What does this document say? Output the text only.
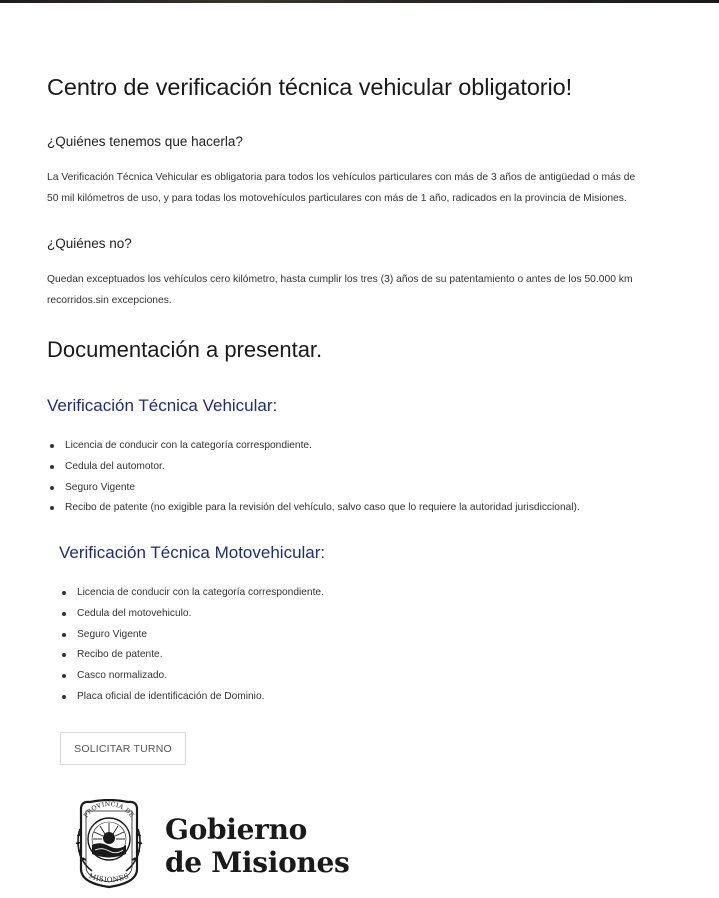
Centro de verificación técnica vehicular obligatorio!
¿Quiénes tenemos que hacerla?

La Verificación Técnica Vehicular es obligatoria para todos los vehículos particulares con más de 3 años de antigüedad o más de
50 mil kilómetros de uso, y para todas los motovehículos particulares con más de 1 año, radicados en la provincia de Misiones.

¿Quiénes no?

Quedan exceptuados los vehículos cero kilómetro, hasta cumplir los tres (3) años de su patentamiento o antes de los 50.000 km
recorridos.sin excepciones.

Documentación a presentar.
Verificación Técnica Vehicular:
Licencia de conducir con la categoría correspondiente.
Cedula del automotor.
Seguro Vigente
Recibo de patente (no exigible para la revisión del vehículo, salvo caso que lo requiere la autoridad jurisdiccional).
Verificación Técnica Motovehicular:
Licencia de conducir con la categoría correspondiente.
Cedula del motovehiculo.
Seguro Vigente
Recibo de patente.
Casco normalizado.
Placa oficial de identificación de Dominio.
SOLICITAR TURNO
PROVINCIA DE
MISIONES
Gobierno
de Misiones
